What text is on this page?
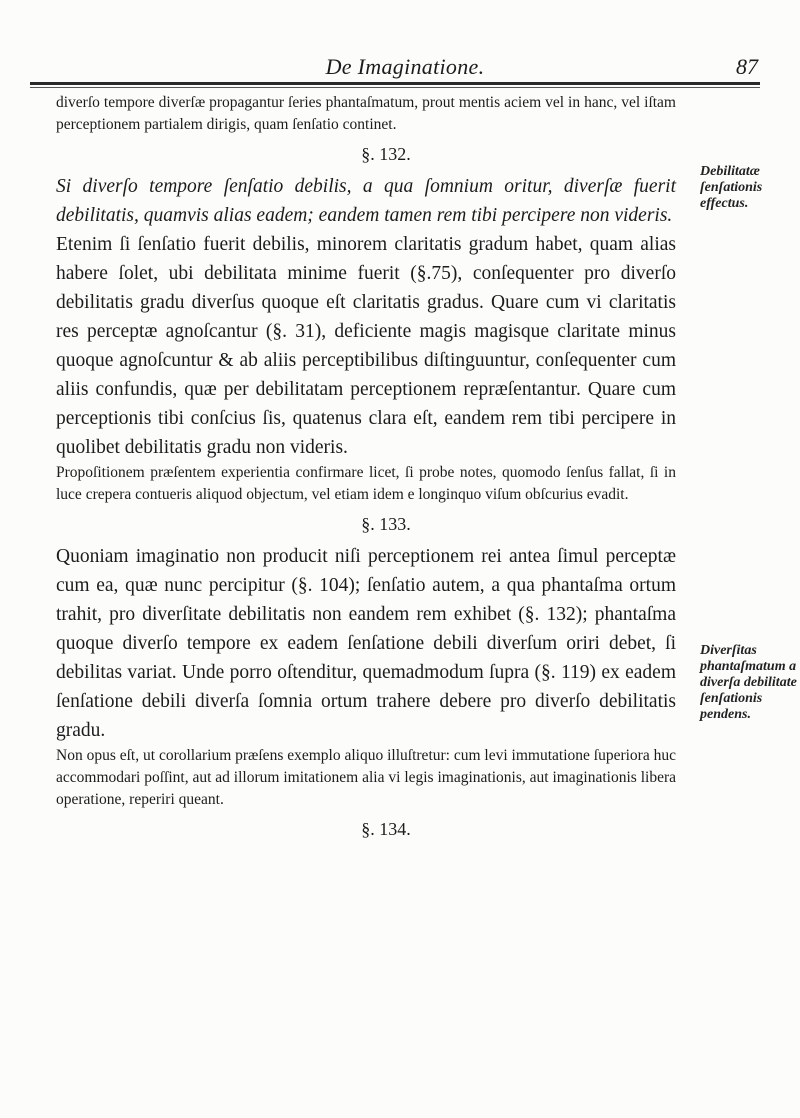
De Imaginatione.	87

diverſo tempore diverſæ propagantur ſeries phantaſmatum, prout mentis aciem vel in hanc, vel iſtam perceptionem partialem dirigis, quam ſenſatio continet.

§. 132.

Si diverſo tempore ſenſatio debilis, a qua ſomnium oritur, diverſæ fuerit debilitatis, quamvis alias eadem; eandem tamen rem tibi percipere non videris.

Etenim ſi ſenſatio fuerit debilis, minorem claritatis gradum habet, quam alias habere ſolet, ubi debilitata minime fuerit (§.75), conſequenter pro diverſo debilitatis gradu diverſus quoque eſt claritatis gradus. Quare cum vi claritatis res perceptæ agnoſcantur (§. 31), deficiente magis magisque claritate minus quoque agnoſcuntur & ab aliis perceptibilibus diſtinguuntur, conſequenter cum aliis confundis, quæ per debilitatam perceptionem repræſentantur. Quare cum perceptionis tibi conſcius ſis, quatenus clara eſt, eandem rem tibi percipere in quolibet debilitatis gradu non videris.

Propoſitionem præſentem experientia confirmare licet, ſi probe notes, quomodo ſenſus fallat, ſi in luce crepera contueris aliquod objectum, vel etiam idem e longinquo viſum obſcurius evadit.

§. 133.

Quoniam imaginatio non producit niſi perceptionem rei antea ſimul perceptæ cum ea, quæ nunc percipitur (§. 104); ſenſatio autem, a qua phantaſma ortum trahit, pro diverſitate debilitatis non eandem rem exhibet (§. 132); phantaſma quoque diverſo tempore ex eadem ſenſatione debili diverſum oriri debet, ſi debilitas variat. Unde porro oſtenditur, quemadmodum ſupra (§. 119) ex eadem ſenſatione debili diverſa ſomnia ortum trahere debere pro diverſo debilitatis gradu.

Non opus eſt, ut corollarium præſens exemplo aliquo illuſtretur: cum levi immutatione ſuperiora huc accommodari poſſint, aut ad illorum imitationem alia vi legis imaginationis, aut imaginationis libera operatione, reperiri queant.

§. 134.

Debilitatæ ſenſationis effectus.
Diverſitas phantaſmatum a diverſa debilitate ſenſationis pendens.
